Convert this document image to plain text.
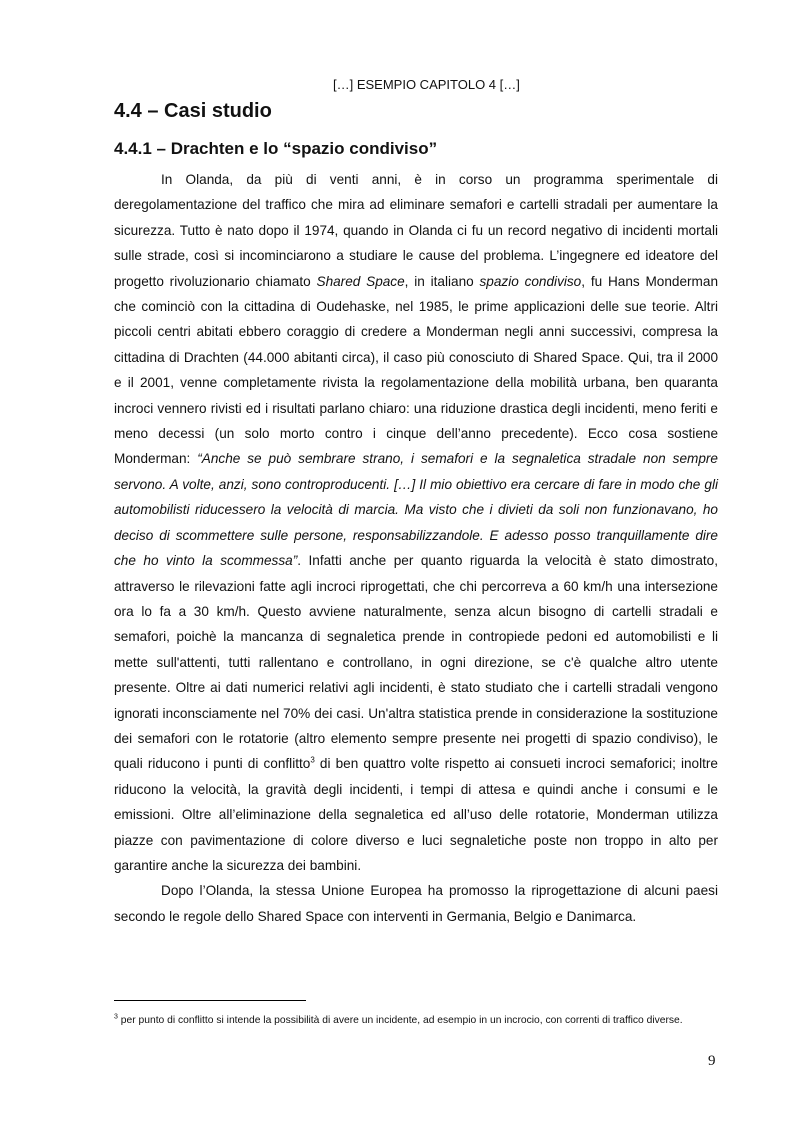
[…] ESEMPIO CAPITOLO 4 […]
4.4 – Casi studio
4.4.1 – Drachten e lo “spazio condiviso”

In Olanda, da più di venti anni, è in corso un programma sperimentale di deregolamentazione del traffico che mira ad eliminare semafori e cartelli stradali per aumentare la sicurezza. Tutto è nato dopo il 1974, quando in Olanda ci fu un record negativo di incidenti mortali sulle strade, così si incominciarono a studiare le cause del problema. L’ingegnere ed ideatore del progetto rivoluzionario chiamato Shared Space, in italiano spazio condiviso, fu Hans Monderman che cominciò con la cittadina di Oudehaske, nel 1985, le prime applicazioni delle sue teorie. Altri piccoli centri abitati ebbero coraggio di credere a Monderman negli anni successivi, compresa la cittadina di Drachten (44.000 abitanti circa), il caso più conosciuto di Shared Space. Qui, tra il 2000 e il 2001, venne completamente rivista la regolamentazione della mobilità urbana, ben quaranta incroci vennero rivisti ed i risultati parlano chiaro: una riduzione drastica degli incidenti, meno feriti e meno decessi (un solo morto contro i cinque dell’anno precedente). Ecco cosa sostiene Monderman: “Anche se può sembrare strano, i semafori e la segnaletica stradale non sempre servono. A volte, anzi, sono controproducenti. […] Il mio obiettivo era cercare di fare in modo che gli automobilisti riducessero la velocità di marcia. Ma visto che i divieti da soli non funzionavano, ho deciso di scommettere sulle persone, responsabilizzandole. E adesso posso tranquillamente dire che ho vinto la scommessa”. Infatti anche per quanto riguarda la velocità è stato dimostrato, attraverso le rilevazioni fatte agli incroci riprogettati, che chi percorreva a 60 km/h una intersezione ora lo fa a 30 km/h. Questo avviene naturalmente, senza alcun bisogno di cartelli stradali e semafori, poichè la mancanza di segnaletica prende in contropiede pedoni ed automobilisti e li mette sull'attenti, tutti rallentano e controllano, in ogni direzione, se c'è qualche altro utente presente. Oltre ai dati numerici relativi agli incidenti, è stato studiato che i cartelli stradali vengono ignorati inconsciamente nel 70% dei casi. Un'altra statistica prende in considerazione la sostituzione dei semafori con le rotatorie (altro elemento sempre presente nei progetti di spazio condiviso), le quali riducono i punti di conflitto$^3$ di ben quattro volte rispetto ai consueti incroci semaforici; inoltre riducono la velocità, la gravità degli incidenti, i tempi di attesa e quindi anche i consumi e le emissioni. Oltre all’eliminazione della segnaletica ed all’uso delle rotatorie, Monderman utilizza piazze con pavimentazione di colore diverso e luci segnaletiche poste non troppo in alto per garantire anche la sicurezza dei bambini.

Dopo l’Olanda, la stessa Unione Europea ha promosso la riprogettazione di alcuni paesi secondo le regole dello Shared Space con interventi in Germania, Belgio e Danimarca.

$^3$ per punto di conflitto si intende la possibilità di avere un incidente, ad esempio in un incrocio, con correnti di traffico diverse.

9
